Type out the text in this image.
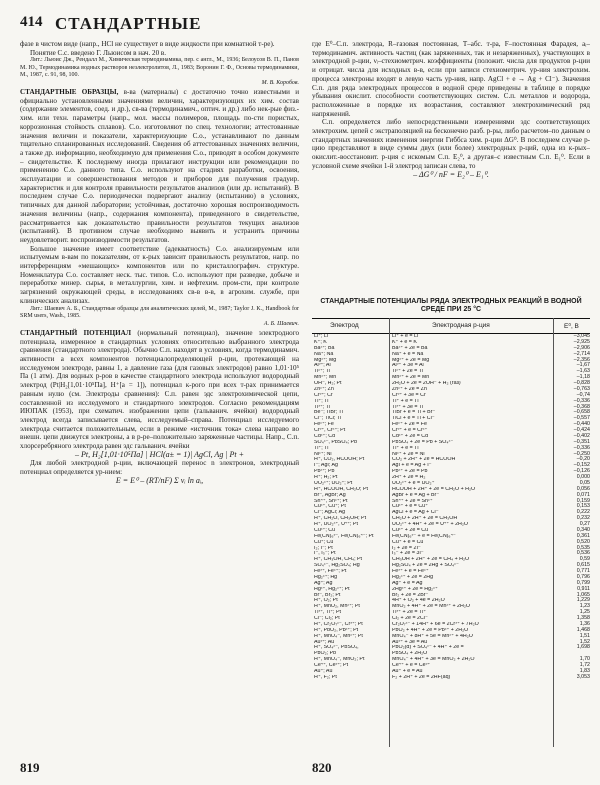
414 СТАНДАРТНЫЕ

фазе в чистом виде (напр., НСl не существует в виде жидкости при комнатной т-ре).

Понятие С.с. введено Г. Льюисом в нач. 20 в.

Лит.: Льюис Дж., Рендалл М., Химическая термодинамика, пер. с англ., М., 1936; Белоусов В. П., Панов М. Ю., Термодинамика водных растворов неэлектролитов, Л., 1983; Воронин Г. Ф., Основы термодинамики, М., 1987, с. 91, 98, 100.

М. В. Коробов.

СТАНДАРТНЫЕ ОБРАЗЦЫ, в-ва (материалы) с достаточно точно известными и официально установленными значениями величин, характеризующих их хим. состав (содержание элементов, соед. и др.), св-ва (термодинамич., оптич. и др.) либо нек-рые физ.-хим. или техн. параметры (напр., мол. массы полимеров, площадь по-сти пористых, коррозионная стойкость сплавов). С.о. изготовляют по спец. технологии; аттестованные значения величин и показатели, характеризующие С.о., устанавливают по данным тщательно спланированных исследований. Сведения об аттестованных значениях величин, а также др. информацию, необходимую для применения С.о., приводят в особом документе – свидетельстве. К последнему иногда прилагают инструкции или рекомендации по применению С.о. данного типа. С.о. используют на стадиях разработки, освоения, эксплуатации и совершенствования методов и приборов для получения градуир. характеристик и для контроля правильности результатов анализов (или др. испытаний). В последнем случае С.о. периодически подвергают анализу (испытанию) в условиях, типичных для данной лаборатории; устойчивая, достаточно хорошая воспроизводимость значения величины (напр., содержания компонента), приведенного в свидетельстве, рассматривается как доказательство правильности результатов текущих анализов (испытаний). В противном случае необходимо выявить и устранить причины неудовлетворит. воспроизводимости результатов.

Большое значение имеет соответствие (адекватность) С.о. анализируемым или испытуемым в-вам по показателям, от к-рых зависит правильность результатов, напр. по интерференциям «мешающих» компонентов или по кристаллографич. структуре. Номенклатура С.о. составляет неск. тыс. типов. С.о. используют при разведке, добыче и переработке минер. сырья, в металлургии, хим. и нефтехим. пром-сти, при контроле загрязнений окружающей среды, в исследованиях св-в в-в, в агрохим. службе, при клинических анализах.

Лит.: Шаевич А. Б., Стандартные образцы для аналитических целей, М., 1987; Taylor J. K., Handbook for SRM users, Wash., 1985.

А. Б. Шаевич.

СТАНДАРТНЫЙ ПОТЕНЦИАЛ (нормальный потенциал), значение электродного потенциала, измеренное в стандартных условиях относительно выбранного электрода сравнения (стандартного электрода). Обычно С.п. находят в условиях, когда термодинамич. активности а всех компонентов потенциалопределяющей р-ции, протекающей на исследуемом электроде, равны 1, а давление газа (для газовых электродов) равно 1,01·10⁵ Па (1 атм). Для водных р-ров в качестве стандартного электрода используют водородный электрод (Pt|H₂[1,01·10⁵Па], H⁺[a = 1]), потенциал к-рого при всех т-рах принимается равным нулю (см. Электроды сравнения): С.п. равен эдс электрохимической цепи, составленной из исследуемого и стандартного электродов. Согласно рекомендациям ИЮПАК (1953), при схематич. изображении цепи (гальванич. ячейки) водородный электрод всегда записывается слева, исследуемый–справа. Потенциал исследуемого электрода считается положительным, если в режиме «источник тока» слева направо во внешн. цепи движутся электроны, а в р-ре–положительно заряженные частицы. Напр., С.п. хлорсеребряного электрода равен эдс гальванич. ячейки

– Pt, H₂[1,01·10⁵Па] | HCl(a± = 1)| AgCl, Ag | Pt +

Для любой электродной р-ции, включающей перенос n электронов, электродный потенциал определяется ур-нием:

E = E⁰ – (RT/nF) Σ νᵢ ln aᵢ,

где E⁰–С.п. электрода, R–газовая постоянная, T–абс. т-ра, F–постоянная Фарадея, aᵢ–термодинамич. активность частиц (как заряженных, так и незаряженных), участвующих в электродной р-ции, νᵢ–стехиометрич. коэффициенты (положит. числа для продуктов р-ции и отрицат. числа для исходных в-в, если при записи стехиометрич. ур-ния электрохим. процесса электроны входят в левую часть ур-ния, напр. AgCl + e → Ag + Cl⁻). Значения С.п. для ряда электродных процессов в водной среде приведены в таблице в порядке убывания окислит. способности соответствующих систем. С.п. металлов и водорода, расположенные в порядке их возрастания, составляют электрохимический ряд напряжений.

С.п. определяется либо непосредственными измерениями эдс соответствующих электрохим. цепей с экстраполяцией на бесконечно разб. р-ры, либо расчетом–по данным о стандартных значениях изменения энергии Гиббса хим. р-ции ΔG⁰. В последнем случае р-цию представляют в виде суммы двух (или более) электродных р-ций, одна из к-рых–окислит.-восстановит. р-ция с искомым С.п. E₂⁰, а другая–с известным С.п. E₁⁰. Если в условной схеме ячейки 1-й электрод записан слева, то

– ΔG⁰ / nF = E₂⁰ – E₁⁰.

СТАНДАРТНЫЕ ПОТЕНЦИАЛЫ РЯДА ЭЛЕКТРОДНЫХ РЕАКЦИЙ В ВОДНОЙ СРЕДЕ ПРИ 25 °С
Электрод	Электродная р-ция	E⁰, В
Li⁺; Li	Li⁺ + e = Li	–3,045
K⁺; K	K⁺ + e = K	–2,925
Ba²⁺; Ba	Ba²⁺ + 2e = Ba	–2,906
Na⁺; Na	Na⁺ + e = Na	–2,714
Mg²⁺; Mg	Mg²⁺ + 2e = Mg	–2,356
Al³⁺; Al	Al³⁺ + 3e = Al	–1,67
Ti²⁺; Ti	Ti²⁺ + 2e = Ti	–1,63
Mn²⁺; Mn	Mn²⁺ + 2e = Mn	–1,18
OH⁻, H₂; Pt	2H₂O + 2e = 2OH⁻ + H₂ (газ)	–0,828
Zn²⁺; Zn	Zn²⁺ + 2e = Zn	–0,763
Cr³⁺; Cr	Cr³⁺ + 3e = Cr	–0,74
Tl⁺; Tl	Tl⁺ + e = Tl	–0,336
Ti³⁺; Ti	Tl³⁺ + 3e = Ti	–0,368
Be⁻; TiBr; Tl	TlBr + e = Tl + Br⁻	–0,658
Cl⁻; TlCl; Tl	TlCl + e = Tl + Cl⁻	–0,557
Fe²⁺; Fe	Fe²⁺ + 2e = Fe	–0,440
Cr³⁺, Cr²⁺; Pt	Cr³⁺ + e = Cr²⁺	–0,424
Cd²⁺; Cd	Cd²⁺ + 2e = Cd	–0,402
SO₄²⁻, PbSO₄; Pb	PbSO₄ + 2e = Pb + SO₄²⁻	–0,351
Tl⁺; Tl	Tl⁺ + e = Tl	–0,336
Ni²⁺; Ni	Ni²⁺ + 2e = Ni	–0,250
H⁺, CO₂, HCOOH; Pt	CO₂ + 2H⁺ + 2e = HCOOH	–0,20
I⁻; AgI; Ag	AgI + e = Ag + I⁻	–0,152
Pb²⁺; Pb	Pb²⁺ + 2e = Pb	–0,126
H⁺; H₂; Pt	2H⁺ + 2e = H₂	0,000
UO₂²⁺; UO₂⁺; Pt	UO₂²⁺ + e = UO₂⁺	0,05
H⁺, HCOOH, CH₂O; Pt	HCOOH + 2H⁺ + 2e = CH₂O + H₂O	0,056
Br⁻, AgBr; Ag	AgBr + e = Ag + Br⁻	0,071
Sn⁴⁺, Sn²⁺; Pt	Sn⁴⁺ + 2e = Sn²⁺	0,159
Cu²⁺, Cu⁺; Pt	Cu²⁺ + e = Cu⁺	0,153
Cl⁻; AgCl; Ag	AgCl + e = Ag + Cl⁻	0,222
H⁺, CH₂O, CH₃OH; Pt	CH₂O + 2H⁺ + 2e = CH₃OH	0,232
H⁺, UO₂²⁺, U⁴⁺; Pt	UO₂²⁺ + 4H⁺ + 2e = U⁴⁺ + 2H₂O	0,27
Cu²⁺; Cu	Cu²⁺ + 2e = Cu	0,340
Fe(CN)₆³⁻, Fe(CN)₆⁴⁻; Pt	Fe(CN)₆³⁻ + e = Fe(CN)₆⁴⁻	0,361
Cu⁺; Cu	Cu⁺ + e = Cu	0,520
I₂; I⁻; Pt	I₂ + 2e = 2I⁻	0,535
I⁻, I₃⁻; Pt	I₃⁻ + 2e = 3I⁻	0,536
H⁺, CH₃OH, CH₄; Pt	CH₃OH + 2H⁺ + 2e = CH₄ + H₂O	0,59
SO₄²⁻, Hg₂SO₄; Hg	Hg₂SO₄ + 2e = 2Hg + SO₄²⁻	0,615
Fe³⁺, Fe²⁺; Pt	Fe³⁺ + e = Fe²⁺	0,771
Hg₂²⁺; Hg	Hg₂²⁺ + 2e = 2Hg	0,796
Ag⁺; Ag	Ag⁺ + e = Ag	0,799
Hg²⁺, Hg₂²⁺; Pt	2Hg²⁺ + 2e = Hg₂²⁺	0,911
Br⁻, Br₂; Pt	Br₂ + 2e = 2Br⁻	1,065
H⁺, O₂; Pt	4H⁺ + O₂ + 4e = 2H₂O	1,229
H⁺, MnO₂, Mn²⁺; Pt	MnO₂ + 4H⁺ + 2e = Mn²⁺ + 2H₂O	1,23
Tl³⁺, Tl⁺; Pt	Tl³⁺ + 2e = Tl⁺	1,25
Cl⁻; Cl₂; Pt	Cl₂ + 2e = 2Cl⁻	1,358
H⁺, Cr₂O₇²⁻, Cr³⁺; Pt	Cr₂O₇²⁻ + 14H⁺ + 6e = 2Cr³⁺ + 7H₂O	1,36
H⁺, PbO₂, Pb²⁺; Pt	PbO₂ + 4H⁺ + 2e = Pb²⁺ + 2H₂O	1,468
H⁺, MnO₄⁻, Mn²⁺; Pt	MnO₄⁻ + 8H⁺ + 5e = Mn²⁺ + 4H₂O	1,51
Au³⁺; Au	Au³⁺ + 3e = Au	1,52
H⁺, SO₄²⁻, PbSO₄,	PbO₂(α) + SO₄²⁻ + 4H⁺ + 2e =	1,698
PbO₂; Pb	PbSO₄ + 2H₂O
H⁺, MnO₄⁻, MnO₂; Pt	MnO₄⁻ + 4H⁺ + 3e = MnO₂ + 2H₂O	1,70
Ce⁴⁺, Ce³⁺; Pt	Ce⁴⁺ + e = Ce³⁺	1,72
Au⁺; Au	Au⁺ + e = Au	1,83
H⁺, F₂; Pt	F₂ + 2H⁺ + 2e = 2HF(aq)	3,053
819	820
